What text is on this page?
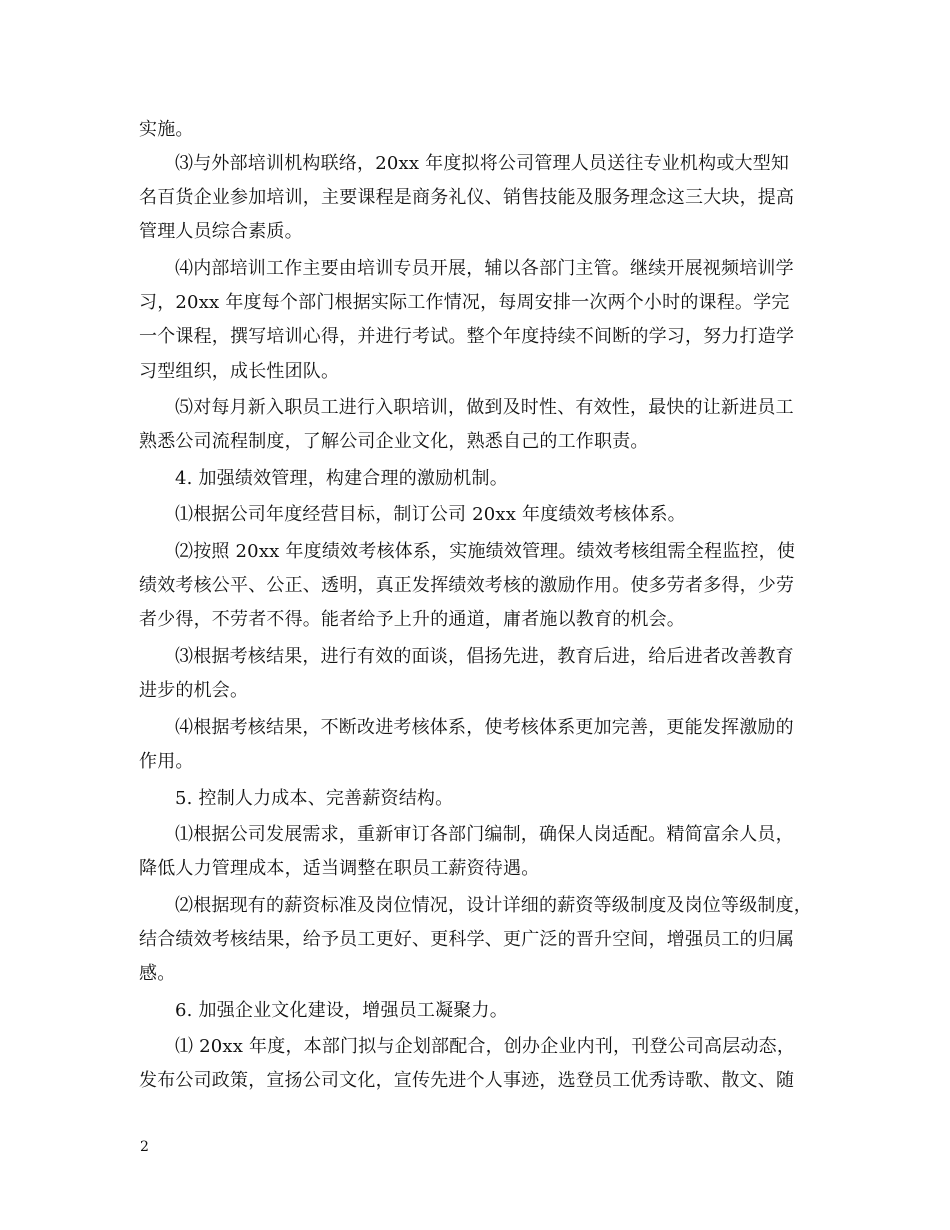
实施。
⑶与外部培训机构联络，20xx 年度拟将公司管理人员送往专业机构或大型知
名百货企业参加培训，主要课程是商务礼仪、销售技能及服务理念这三大块，提高
管理人员综合素质。
⑷内部培训工作主要由培训专员开展，辅以各部门主管。继续开展视频培训学
习，20xx 年度每个部门根据实际工作情况，每周安排一次两个小时的课程。学完
一个课程，撰写培训心得，并进行考试。整个年度持续不间断的学习，努力打造学
习型组织，成长性团队。
⑸对每月新入职员工进行入职培训，做到及时性、有效性，最快的让新进员工
熟悉公司流程制度，了解公司企业文化，熟悉自己的工作职责。
4. 加强绩效管理，构建合理的激励机制。
⑴根据公司年度经营目标，制订公司 20xx 年度绩效考核体系。
⑵按照 20xx 年度绩效考核体系，实施绩效管理。绩效考核组需全程监控，使
绩效考核公平、公正、透明，真正发挥绩效考核的激励作用。使多劳者多得，少劳
者少得，不劳者不得。能者给予上升的通道，庸者施以教育的机会。
⑶根据考核结果，进行有效的面谈，倡扬先进，教育后进，给后进者改善教育
进步的机会。
⑷根据考核结果，不断改进考核体系，使考核体系更加完善，更能发挥激励的
作用。
5. 控制人力成本、完善薪资结构。
⑴根据公司发展需求，重新审订各部门编制，确保人岗适配。精简富余人员，
降低人力管理成本，适当调整在职员工薪资待遇。
⑵根据现有的薪资标准及岗位情况，设计详细的薪资等级制度及岗位等级制度，
结合绩效考核结果，给予员工更好、更科学、更广泛的晋升空间，增强员工的归属
感。
6. 加强企业文化建设，增强员工凝聚力。
⑴ 20xx 年度，本部门拟与企划部配合，创办企业内刊，刊登公司高层动态，
发布公司政策，宣扬公司文化，宣传先进个人事迹，选登员工优秀诗歌、散文、随
2
